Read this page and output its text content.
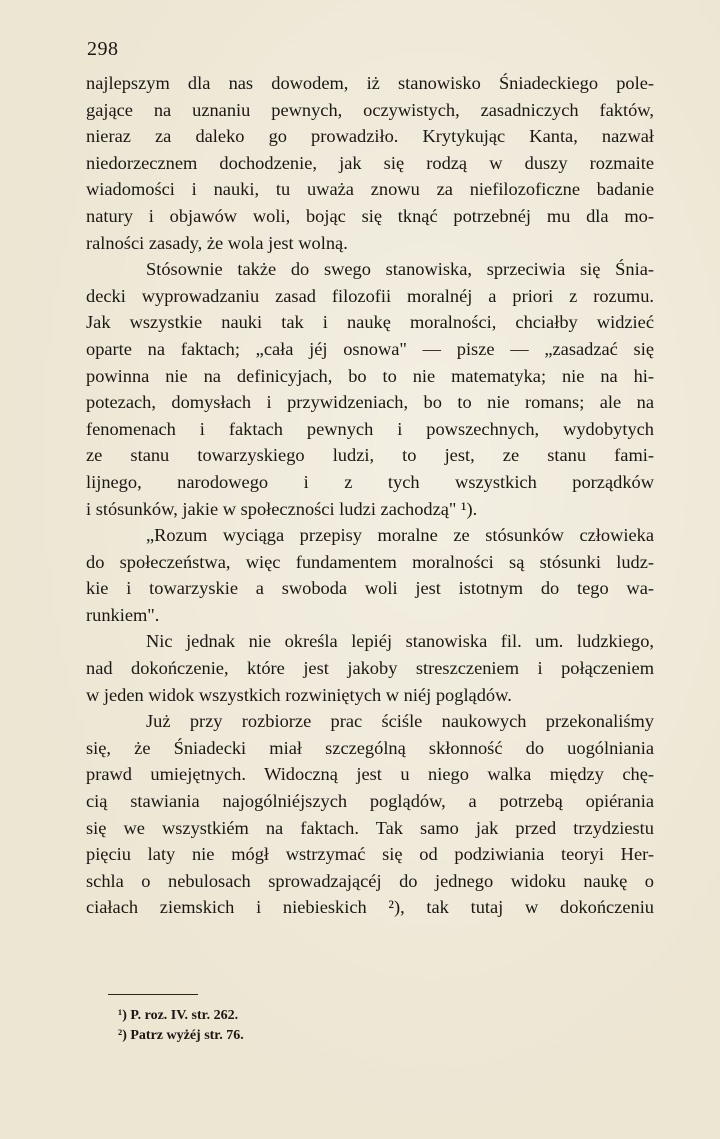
298
najlepszym dla nas dowodem, iż stanowisko Śniadeckiego pole-
gające na uznaniu pewnych, oczywistych, zasadniczych faktów,
nieraz za daleko go prowadziło. Krytykując Kanta, nazwał
niedorzecznem dochodzenie, jak się rodzą w duszy rozmaite
wiadomości i nauki, tu uważa znowu za niefilozoficzne badanie
natury i objawów woli, bojąc się tknąć potrzebnéj mu dla mo-
ralności zasady, że wola jest wolną.
Stósownie także do swego stanowiska, sprzeciwia się Śnia-
decki wyprowadzaniu zasad filozofii moralnéj a priori z rozumu.
Jak wszystkie nauki tak i naukę moralności, chciałby widzieć
oparte na faktach; „cała jéj osnowa" — pisze — „zasadzać się
powinna nie na definicyjach, bo to nie matematyka; nie na hi-
potezach, domysłach i przywidzeniach, bo to nie romans; ale na
fenomenach i faktach pewnych i powszechnych, wydobytych
ze stanu towarzyskiego ludzi, to jest, ze stanu fami-
lijnego, narodowego i z tych wszystkich porządków
i stósunków, jakie w społeczności ludzi zachodzą" ¹).
„Rozum wyciąga przepisy moralne ze stósunków człowieka
do społeczeństwa, więc fundamentem moralności są stósunki ludz-
kie i towarzyskie a swoboda woli jest istotnym do tego wa-
runkiem".
Nic jednak nie określa lepiéj stanowiska fil. um. ludzkiego,
nad dokończenie, które jest jakoby streszczeniem i połączeniem
w jeden widok wszystkich rozwiniętych w niéj poglądów.
Już przy rozbiorze prac ściśle naukowych przekonaliśmy
się, że Śniadecki miał szczególną skłonność do uogólniania
prawd umiejętnych. Widoczną jest u niego walka między chę-
cią stawiania najogólniéjszych poglądów, a potrzebą opiérania
się we wszystkiém na faktach. Tak samo jak przed trzydziestu
pięciu laty nie mógł wstrzymać się od podziwiania teoryi Her-
schla o nebulosach sprowadzającéj do jednego widoku naukę o
ciałach ziemskich i niebieskich ²), tak tutaj w dokończeniu
¹) P. roz. IV. str. 262.
²) Patrz wyżéj str. 76.
